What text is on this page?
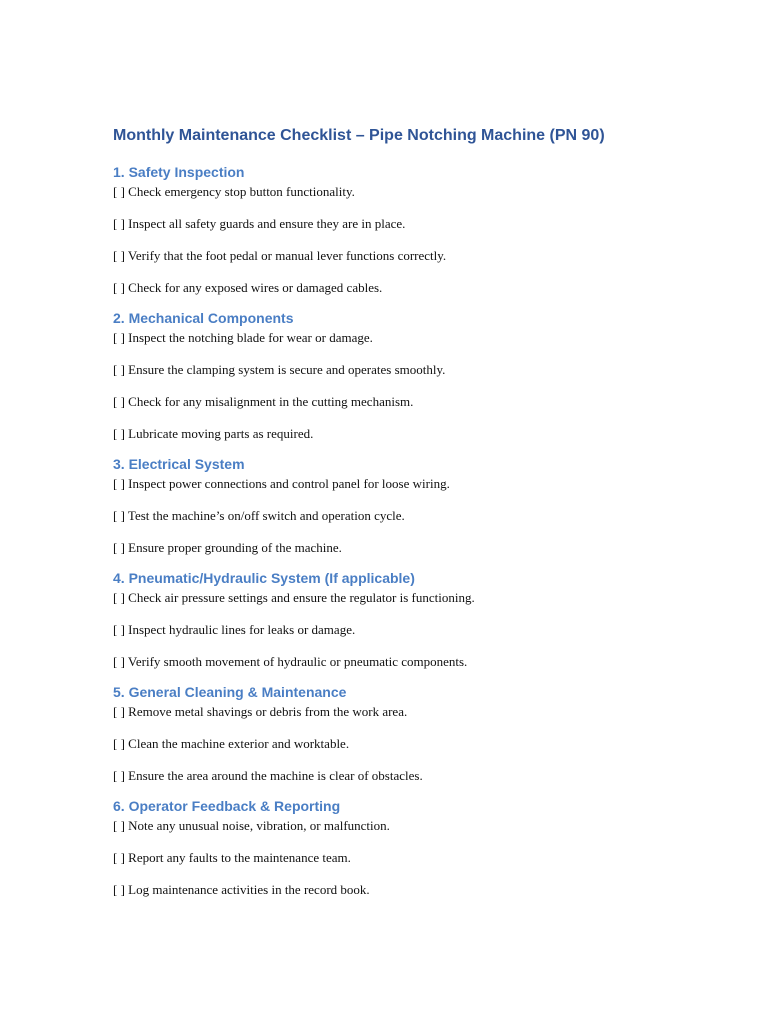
Monthly Maintenance Checklist – Pipe Notching Machine (PN 90)
1. Safety Inspection

[ ] Check emergency stop button functionality.

[ ] Inspect all safety guards and ensure they are in place.

[ ] Verify that the foot pedal or manual lever functions correctly.

[ ] Check for any exposed wires or damaged cables.

2. Mechanical Components

[ ] Inspect the notching blade for wear or damage.

[ ] Ensure the clamping system is secure and operates smoothly.

[ ] Check for any misalignment in the cutting mechanism.

[ ] Lubricate moving parts as required.

3. Electrical System

[ ] Inspect power connections and control panel for loose wiring.

[ ] Test the machine’s on/off switch and operation cycle.

[ ] Ensure proper grounding of the machine.

4. Pneumatic/Hydraulic System (If applicable)

[ ] Check air pressure settings and ensure the regulator is functioning.

[ ] Inspect hydraulic lines for leaks or damage.

[ ] Verify smooth movement of hydraulic or pneumatic components.

5. General Cleaning & Maintenance

[ ] Remove metal shavings or debris from the work area.

[ ] Clean the machine exterior and worktable.

[ ] Ensure the area around the machine is clear of obstacles.

6. Operator Feedback & Reporting

[ ] Note any unusual noise, vibration, or malfunction.

[ ] Report any faults to the maintenance team.

[ ] Log maintenance activities in the record book.
